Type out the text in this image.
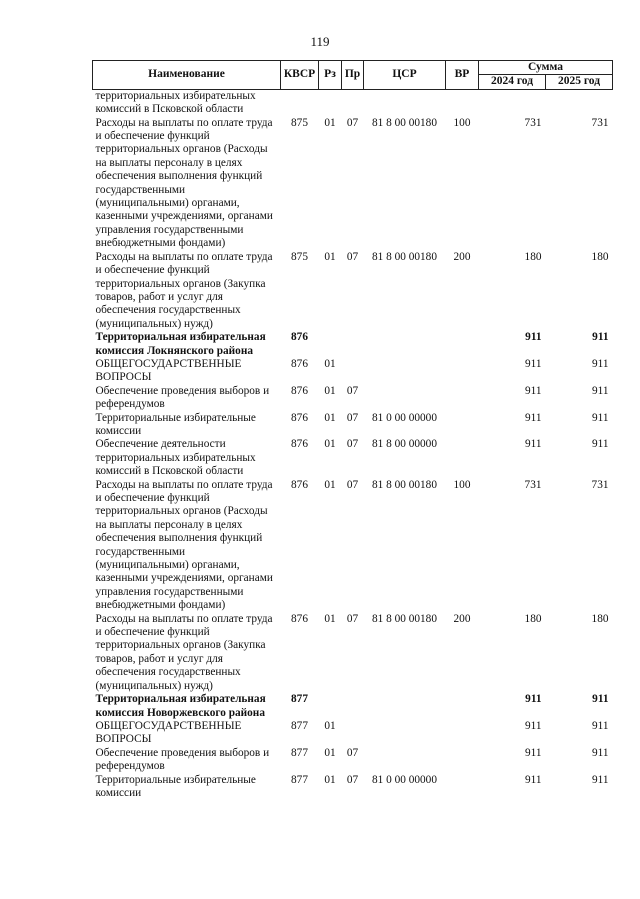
119
Наименование	КВСР	Рз	Пр	ЦСР	ВР	Сумма	
						2024 год	2025 год
территориальных избирательных комиссий в Псковской области							
Расходы на выплаты по оплате труда и обеспечение функций территориальных органов (Расходы на выплаты персоналу в целях обеспечения выполнения функций государственными (муниципальными) органами, казенными учреждениями, органами управления государственными внебюджетными фондами)	875	01	07	81 8 00 00180	100	731	731
Расходы на выплаты по оплате труда и обеспечение функций территориальных органов (Закупка товаров, работ и услуг для обеспечения государственных (муниципальных) нужд)	875	01	07	81 8 00 00180	200	180	180
Территориальная избирательная комиссия Локнянского района	876					911	911
ОБЩЕГОСУДАРСТВЕННЫЕ ВОПРОСЫ	876	01				911	911
Обеспечение проведения выборов и референдумов	876	01	07			911	911
Территориальные избирательные комиссии	876	01	07	81 0 00 00000		911	911
Обеспечение деятельности территориальных избирательных комиссий в Псковской области	876	01	07	81 8 00 00000		911	911
Расходы на выплаты по оплате труда и обеспечение функций территориальных органов (Расходы на выплаты персоналу в целях обеспечения выполнения функций государственными (муниципальными) органами, казенными учреждениями, органами управления государственными внебюджетными фондами)	876	01	07	81 8 00 00180	100	731	731
Расходы на выплаты по оплате труда и обеспечение функций территориальных органов (Закупка товаров, работ и услуг для обеспечения государственных (муниципальных) нужд)	876	01	07	81 8 00 00180	200	180	180
Территориальная избирательная комиссия Новоржевского района	877					911	911
ОБЩЕГОСУДАРСТВЕННЫЕ ВОПРОСЫ	877	01				911	911
Обеспечение проведения выборов и референдумов	877	01	07			911	911
Территориальные избирательные комиссии	877	01	07	81 0 00 00000		911	911
